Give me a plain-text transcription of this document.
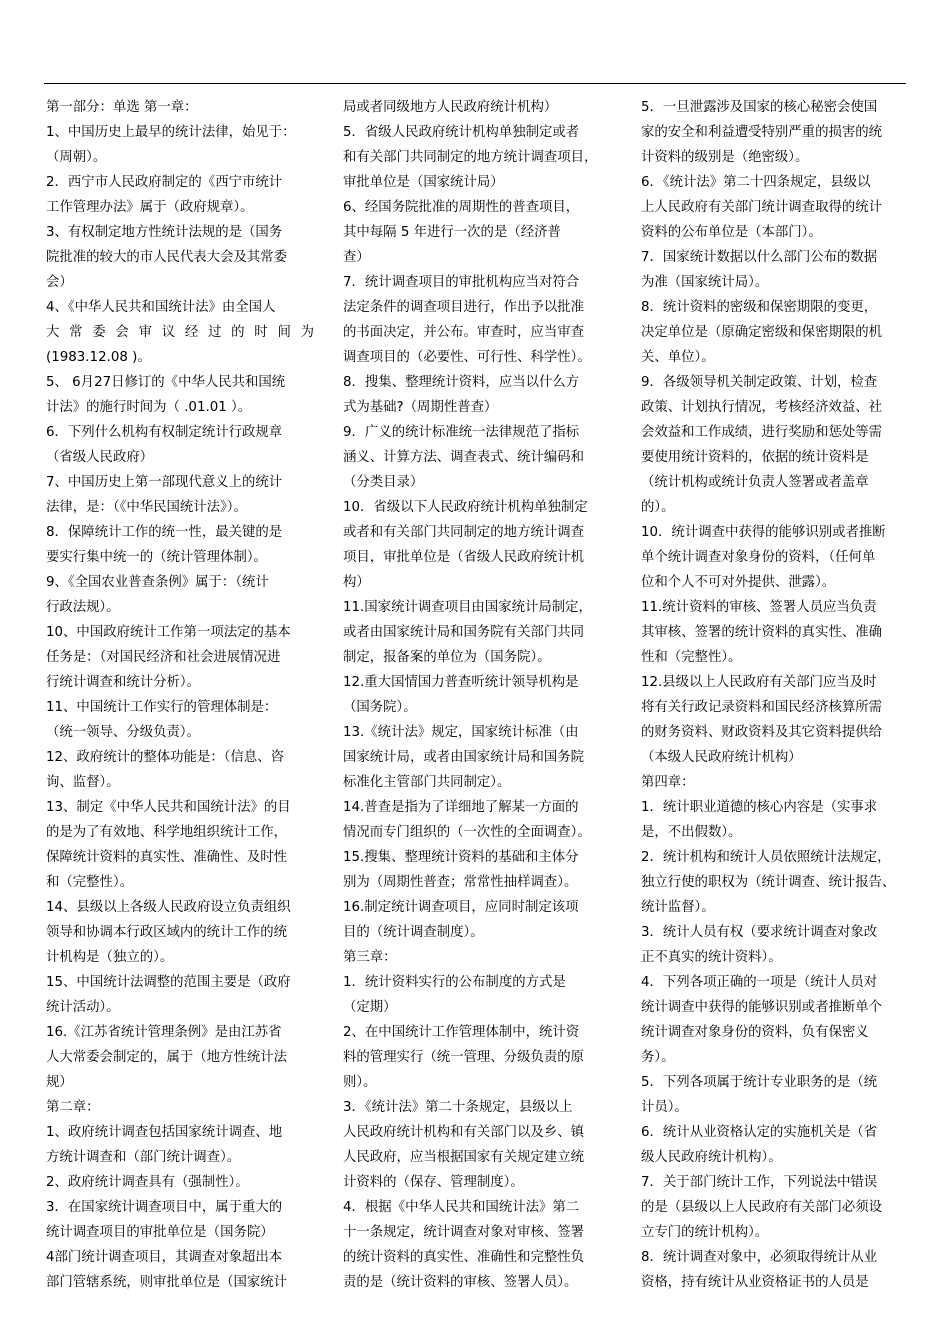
第一部分：单选 第一章：
1、中国历史上最早的统计法律，始见于：
（周朝）。
2．西宁市人民政府制定的《西宁市统计
工作管理办法》属于（政府规章）。
3、有权制定地方性统计法规的是（国务
院批准的较大的市人民代表大会及其常委
会）
4、《中华人民共和国统计法》由全国人
大 常 委 会 审 议 经 过 的 时 间 为
(1983.12.08 )。
5、 6月27日修订的《中华人民共和国统
计法》的施行时间为（ .01.01 ）。
6．下列什么机构有权制定统计行政规章
（省级人民政府）
7、中国历史上第一部现代意义上的统计
法律，是：（《中华民国统计法》）。
8．保障统计工作的统一性，最关键的是
要实行集中统一的（统计管理体制）。
9、《全国农业普查条例》属于：（统计
行政法规）。
10、中国政府统计工作第一项法定的基本
任务是：（对国民经济和社会进展情况进
行统计调查和统计分析）。
11、中国统计工作实行的管理体制是：
（统一领导、分级负责）。
12、政府统计的整体功能是：（信息、咨
询、监督）。
13、制定《中华人民共和国统计法》的目
的是为了有效地、科学地组织统计工作，
保障统计资料的真实性、准确性、及时性
和（完整性）。
14、县级以上各级人民政府设立负责组织
领导和协调本行政区域内的统计工作的统
计机构是（独立的）。
15、中国统计法调整的范围主要是（政府
统计活动）。
16.《江苏省统计管理条例》是由江苏省
人大常委会制定的，属于（地方性统计法
规）
第二章：
1、政府统计调查包括国家统计调查、地
方统计调查和（部门统计调查）。
2、政府统计调查具有（强制性）。
3．在国家统计调查项目中，属于重大的
统计调查项目的审批单位是（国务院）
4部门统计调查项目，其调查对象超出本
部门管辖系统，则审批单位是（国家统计
局或者同级地方人民政府统计机构）
5．省级人民政府统计机构单独制定或者
和有关部门共同制定的地方统计调查项目，
审批单位是（国家统计局）
6、经国务院批准的周期性的普查项目，
其中每隔 5 年进行一次的是（经济普
查）
7．统计调查项目的审批机构应当对符合
法定条件的调查项目进行，作出予以批准
的书面决定，并公布。审查时，应当审查
调查项目的（必要性、可行性、科学性）。
8．搜集、整理统计资料，应当以什么方
式为基础?（周期性普查）
9．广义的统计标准统一法律规范了指标
涵义、计算方法、调查表式、统计编码和
（分类目录）
10．省级以下人民政府统计机构单独制定
或者和有关部门共同制定的地方统计调查
项目，审批单位是（省级人民政府统计机
构）
11.国家统计调查项目由国家统计局制定，
或者由国家统计局和国务院有关部门共同
制定，报备案的单位为（国务院）。
12.重大国情国力普查听统计领导机构是
（国务院）。
13.《统计法》规定，国家统计标准（由
国家统计局，或者由国家统计局和国务院
标准化主管部门共同制定）。
14.普查是指为了详细地了解某一方面的
情况而专门组织的（一次性的全面调查）。
15.搜集、整理统计资料的基础和主体分
别为（周期性普查；常常性抽样调查）。
16.制定统计调查项目，应同时制定该项
目的（统计调查制度）。
第三章：
1．统计资料实行的公布制度的方式是
（定期）
2、在中国统计工作管理体制中，统计资
料的管理实行（统一管理、分级负责的原
则）。
3．《统计法》第二十条规定，县级以上
人民政府统计机构和有关部门以及乡、镇
人民政府，应当根据国家有关规定建立统
计资料的（保存、管理制度）。
4．根据《中华人民共和国统计法》第二
十一条规定，统计调查对象对审核、签署
的统计资料的真实性、准确性和完整性负
责的是（统计资料的审核、签署人员）。
5．一旦泄露涉及国家的核心秘密会使国
家的安全和利益遭受特别严重的损害的统
计资料的级别是（绝密级）。
6．《统计法》第二十四条规定，县级以
上人民政府有关部门统计调查取得的统计
资料的公布单位是（本部门）。
7．国家统计数据以什么部门公布的数据
为准（国家统计局）。
8．统计资料的密级和保密期限的变更，
决定单位是（原确定密级和保密期限的机
关、单位）。
9．各级领导机关制定政策、计划，检查
政策、计划执行情况，考核经济效益、社
会效益和工作成绩，进行奖励和惩处等需
要使用统计资料的，依据的统计资料是
（统计机构或统计负责人签署或者盖章
的）。
10．统计调查中获得的能够识别或者推断
单个统计调查对象身份的资料，（任何单
位和个人不可对外提供、泄露）。
11.统计资料的审核、签署人员应当负责
其审核、签署的统计资料的真实性、准确
性和（完整性）。
12.县级以上人民政府有关部门应当及时
将有关行政记录资料和国民经济核算所需
的财务资料、财政资料及其它资料提供给
（本级人民政府统计机构）
第四章：
1．统计职业道德的核心内容是（实事求
是，不出假数）。
2．统计机构和统计人员依照统计法规定，
独立行使的职权为（统计调查、统计报告、
统计监督）。
3．统计人员有权（要求统计调查对象改
正不真实的统计资料）。
4．下列各项正确的一项是（统计人员对
统计调查中获得的能够识别或者推断单个
统计调查对象身份的资料，负有保密义
务）。
5．下列各项属于统计专业职务的是（统
计员）。
6．统计从业资格认定的实施机关是（省
级人民政府统计机构）。
7．关于部门统计工作，下列说法中错误
的是（县级以上人民政府有关部门必须设
立专门的统计机构）。
8．统计调查对象中，必须取得统计从业
资格，持有统计从业资格证书的人员是
